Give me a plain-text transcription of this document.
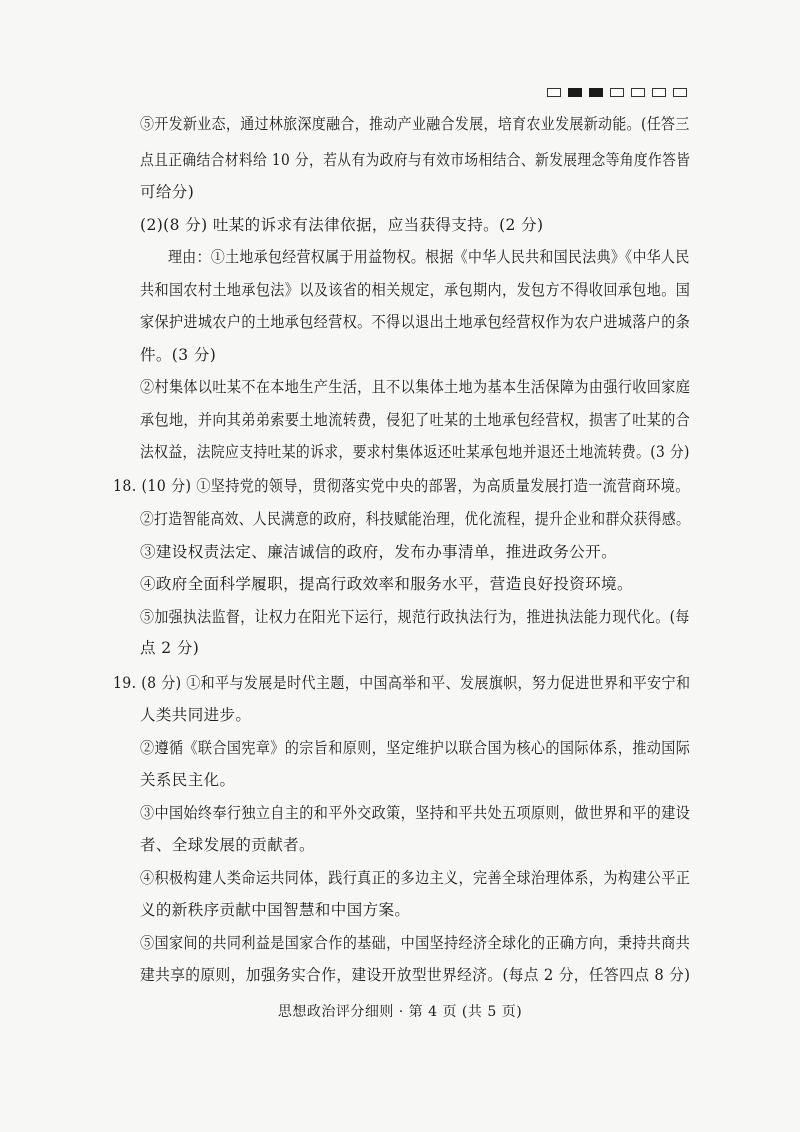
⑤开发新业态，通过林旅深度融合，推动产业融合发展，培育农业发展新动能。(任答三
点且正确结合材料给 10 分，若从有为政府与有效市场相结合、新发展理念等角度作答皆
可给分)
(2)(8 分) 吐某的诉求有法律依据，应当获得支持。(2 分)
理由：①土地承包经营权属于用益物权。根据《中华人民共和国民法典》《中华人民
共和国农村土地承包法》以及该省的相关规定，承包期内，发包方不得收回承包地。国
家保护进城农户的土地承包经营权。不得以退出土地承包经营权作为农户进城落户的条
件。(3 分)
②村集体以吐某不在本地生产生活，且不以集体土地为基本生活保障为由强行收回家庭
承包地，并向其弟弟索要土地流转费，侵犯了吐某的土地承包经营权，损害了吐某的合
法权益，法院应支持吐某的诉求，要求村集体返还吐某承包地并退还土地流转费。(3 分)
18. (10 分) ①坚持党的领导，贯彻落实党中央的部署，为高质量发展打造一流营商环境。
②打造智能高效、人民满意的政府，科技赋能治理，优化流程，提升企业和群众获得感。
③建设权责法定、廉洁诚信的政府，发布办事清单，推进政务公开。
④政府全面科学履职，提高行政效率和服务水平，营造良好投资环境。
⑤加强执法监督，让权力在阳光下运行，规范行政执法行为，推进执法能力现代化。(每
点 2 分)
19. (8 分) ①和平与发展是时代主题，中国高举和平、发展旗帜，努力促进世界和平安宁和
人类共同进步。
②遵循《联合国宪章》的宗旨和原则，坚定维护以联合国为核心的国际体系，推动国际
关系民主化。
③中国始终奉行独立自主的和平外交政策，坚持和平共处五项原则，做世界和平的建设
者、全球发展的贡献者。
④积极构建人类命运共同体，践行真正的多边主义，完善全球治理体系，为构建公平正
义的新秩序贡献中国智慧和中国方案。
⑤国家间的共同利益是国家合作的基础，中国坚持经济全球化的正确方向，秉持共商共
建共享的原则，加强务实合作，建设开放型世界经济。(每点 2 分，任答四点 8 分)
思想政治评分细则 · 第 4 页 (共 5 页)
